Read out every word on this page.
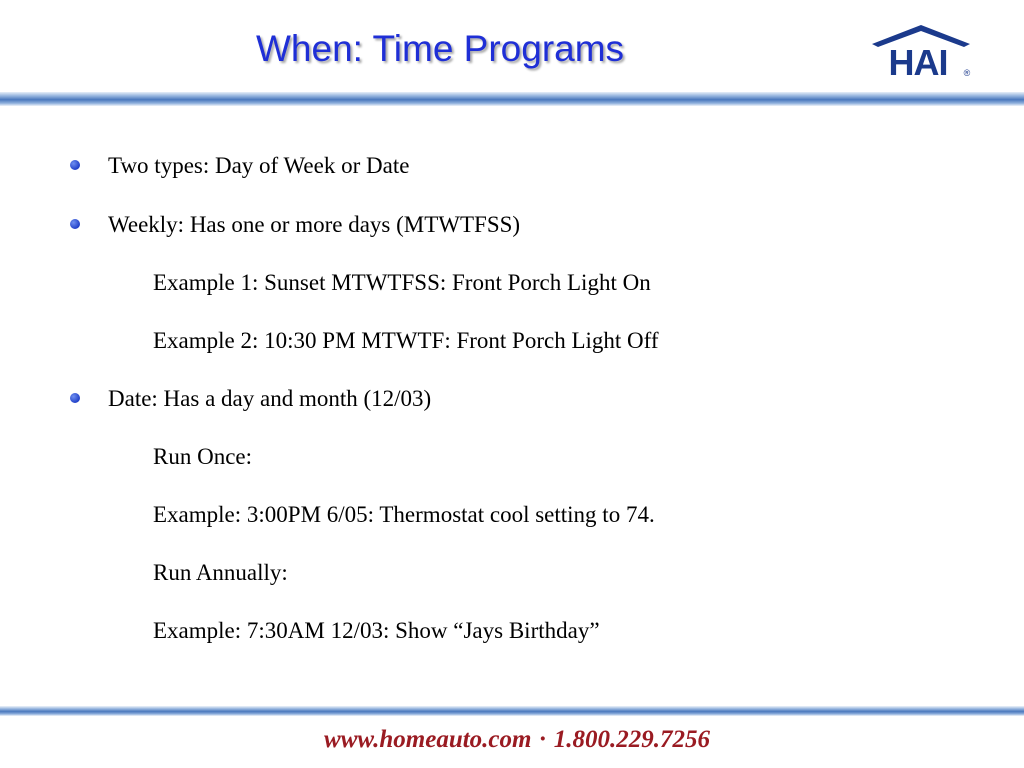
When: Time Programs	HAI ®
Two types: Day of Week or Date
Weekly: Has one or more days (MTWTFSS)
Example 1: Sunset MTWTFSS: Front Porch Light On
Example 2: 10:30 PM MTWTF: Front Porch Light Off
Date: Has a day and month (12/03)
Run Once:
Example: 3:00PM 6/05: Thermostat cool setting to 74.
Run Annually:
Example: 7:30AM 12/03: Show “Jays Birthday”
www.homeauto.com · 1.800.229.7256
